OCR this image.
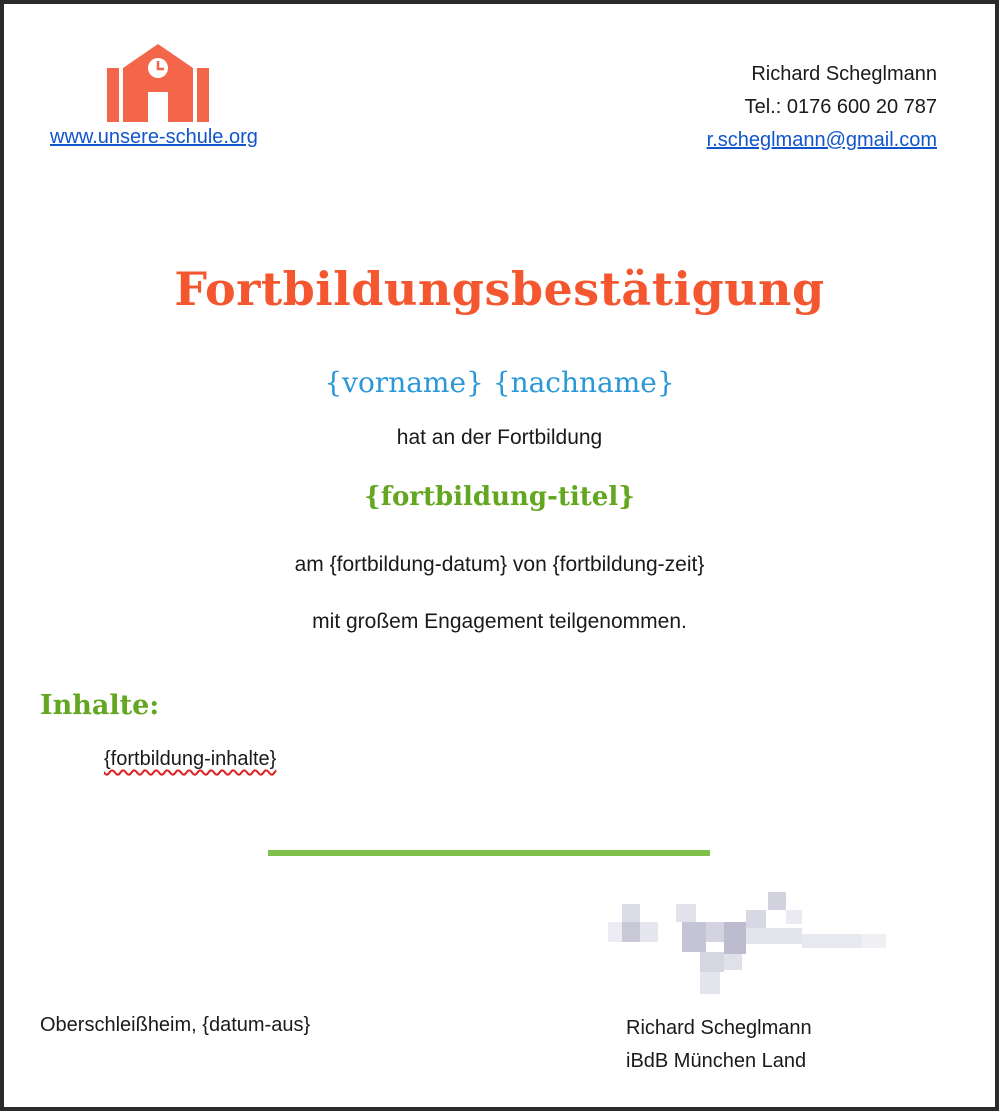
www.unsere-schule.org
Richard Scheglmann
Tel.: 0176 600 20 787
r.scheglmann@gmail.com
Fortbildungsbestätigung
{vorname} {nachname}
hat an der Fortbildung
{fortbildung-titel}
am {fortbildung-datum} von {fortbildung-zeit}
mit großem Engagement teilgenommen.
Inhalte:
{fortbildung-inhalte}
Oberschleißheim, {datum-aus}	Richard Scheglmann
iBdB München Land
